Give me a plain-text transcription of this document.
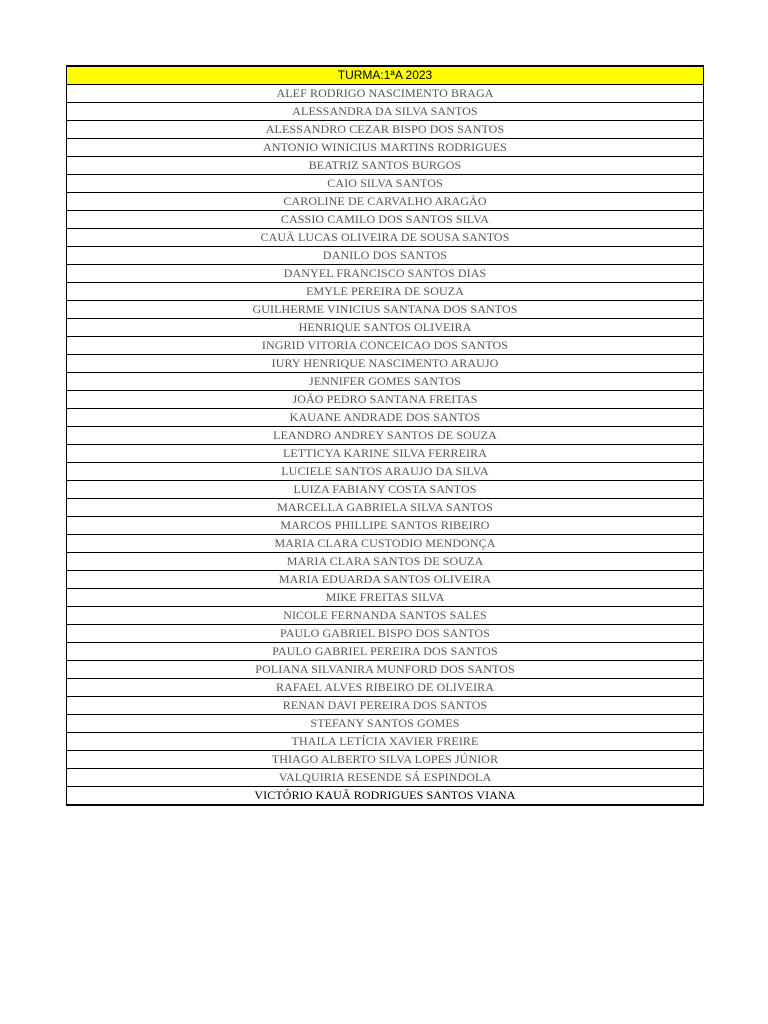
TURMA:1ªA 2023
ALEF RODRIGO NASCIMENTO BRAGA
ALESSANDRA DA SILVA SANTOS
ALESSANDRO CEZAR BISPO DOS SANTOS
ANTONIO WINICIUS MARTINS RODRIGUES
BEATRIZ SANTOS BURGOS
CAIO SILVA SANTOS
CAROLINE DE CARVALHO ARAGÃO
CASSIO CAMILO DOS SANTOS SILVA
CAUÃ LUCAS OLIVEIRA DE SOUSA SANTOS
DANILO DOS SANTOS
DANYEL FRANCISCO SANTOS DIAS
EMYLE PEREIRA DE SOUZA
GUILHERME VINICIUS SANTANA DOS SANTOS
HENRIQUE SANTOS OLIVEIRA
INGRID VITORIA CONCEICAO DOS SANTOS
IURY HENRIQUE NASCIMENTO ARAUJO
JENNIFER GOMES SANTOS
JOÃO PEDRO SANTANA FREITAS
KAUANE ANDRADE DOS SANTOS
LEANDRO ANDREY SANTOS DE SOUZA
LETTICYA KARINE SILVA FERREIRA
LUCIELE SANTOS ARAUJO DA SILVA
LUIZA FABIANY COSTA SANTOS
MARCELLA GABRIELA SILVA SANTOS
MARCOS PHILLIPE SANTOS RIBEIRO
MARIA CLARA CUSTODIO MENDONÇA
MARIA CLARA SANTOS DE SOUZA
MARIA EDUARDA SANTOS OLIVEIRA
MIKE FREITAS SILVA
NICOLE FERNANDA SANTOS SALES
PAULO GABRIEL BISPO DOS SANTOS
PAULO GABRIEL PEREIRA DOS SANTOS
POLIANA SILVANIRA MUNFORD DOS SANTOS
RAFAEL ALVES RIBEIRO DE OLIVEIRA
RENAN DAVI PEREIRA DOS SANTOS
STEFANY SANTOS GOMES
THAILA LETÍCIA XAVIER FREIRE
THIAGO ALBERTO SILVA LOPES JÚNIOR
VALQUIRIA RESENDE SÁ ESPINDOLA
VICTÓRIO KAUÃ RODRIGUES SANTOS VIANA
